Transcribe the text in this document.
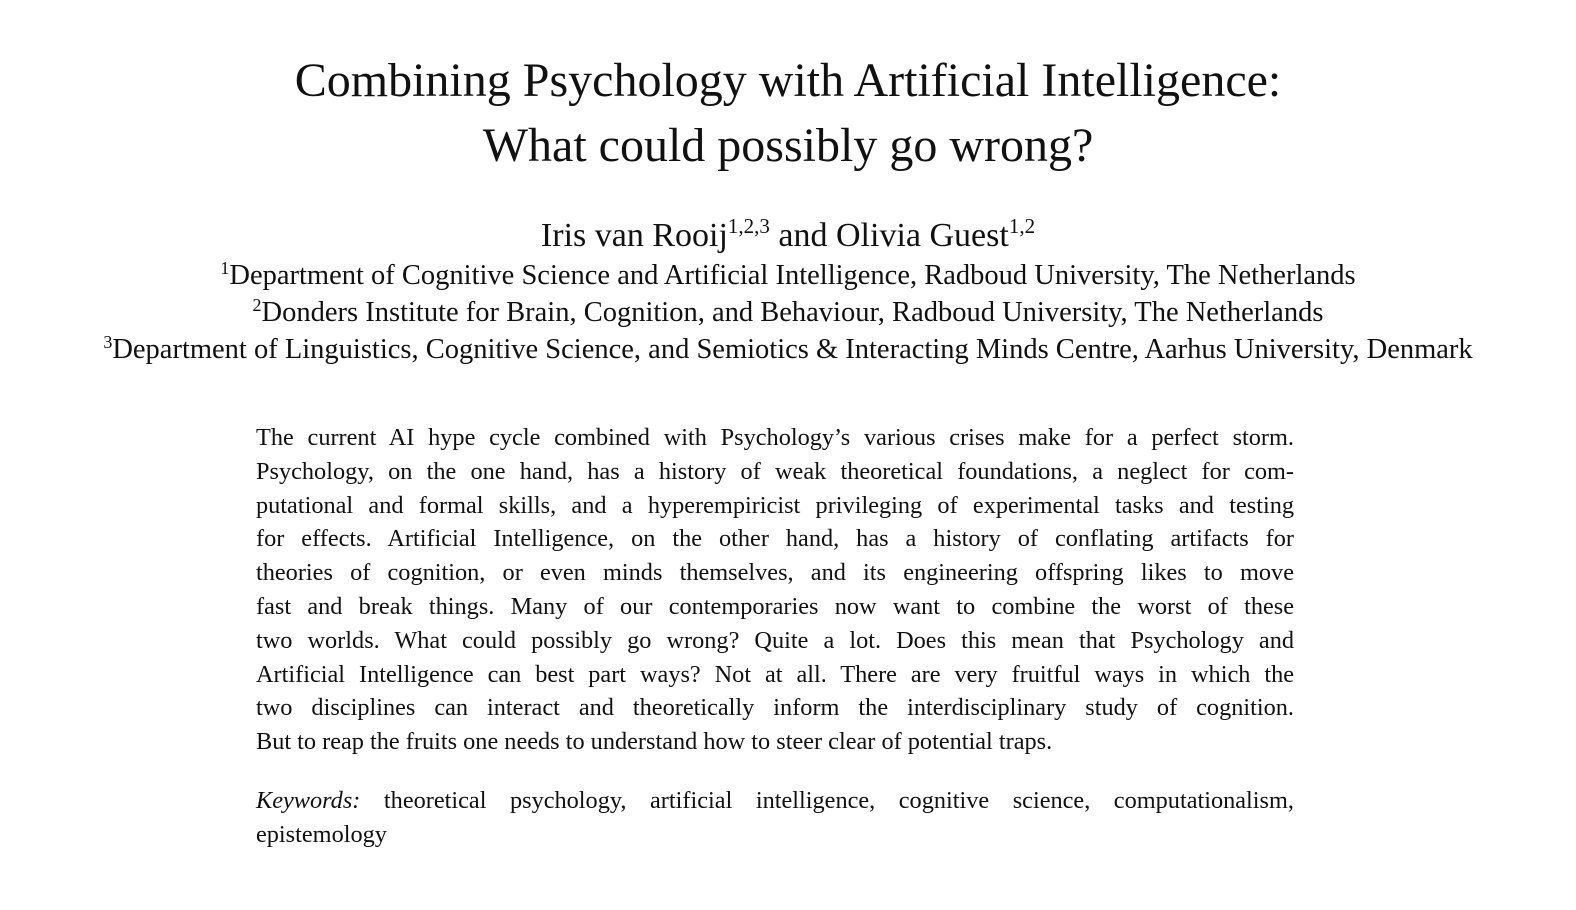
Combining Psychology with Artificial Intelligence:
What could possibly go wrong?
Iris van Rooij$^{1,2,3}$ and Olivia Guest$^{1,2}$
$^1$Department of Cognitive Science and Artificial Intelligence, Radboud University, The Netherlands
$^2$Donders Institute for Brain, Cognition, and Behaviour, Radboud University, The Netherlands
$^3$Department of Linguistics, Cognitive Science, and Semiotics & Interacting Minds Centre, Aarhus University, Denmark
The current AI hype cycle combined with Psychology’s various crises make for a perfect storm.
Psychology, on the one hand, has a history of weak theoretical foundations, a neglect for com-
putational and formal skills, and a hyperempiricist privileging of experimental tasks and testing
for effects. Artificial Intelligence, on the other hand, has a history of conflating artifacts for
theories of cognition, or even minds themselves, and its engineering offspring likes to move
fast and break things. Many of our contemporaries now want to combine the worst of these
two worlds. What could possibly go wrong? Quite a lot. Does this mean that Psychology and
Artificial Intelligence can best part ways? Not at all. There are very fruitful ways in which the
two disciplines can interact and theoretically inform the interdisciplinary study of cognition.
But to reap the fruits one needs to understand how to steer clear of potential traps.
Keywords: theoretical psychology, artificial intelligence, cognitive science, computationalism,
epistemology
